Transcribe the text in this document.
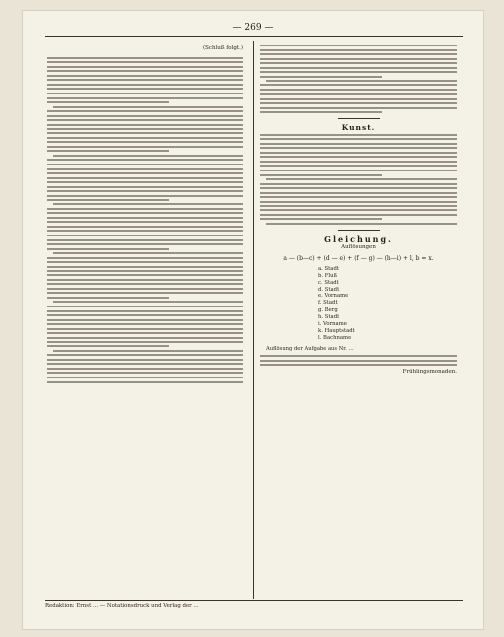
— 269 —
(Schluß folgt.)
Kunst.
Gleichung.
Auflösungen
a — (b—c) + (d — e) + (f — g) — (h—i) + l, b = x.
a. Stadt
b. Fluß
c. Stadt
d. Stadt
e. Vorname
f. Stadt
g. Berg
h. Stadt
i. Vorname
k. Hauptstadt
l. Bachname

Auflösung der Aufgabe aus Nr. …

Frühlingsmonaden.
Redaktion: Ernst ... — Notationsdruck und Verlag der …
